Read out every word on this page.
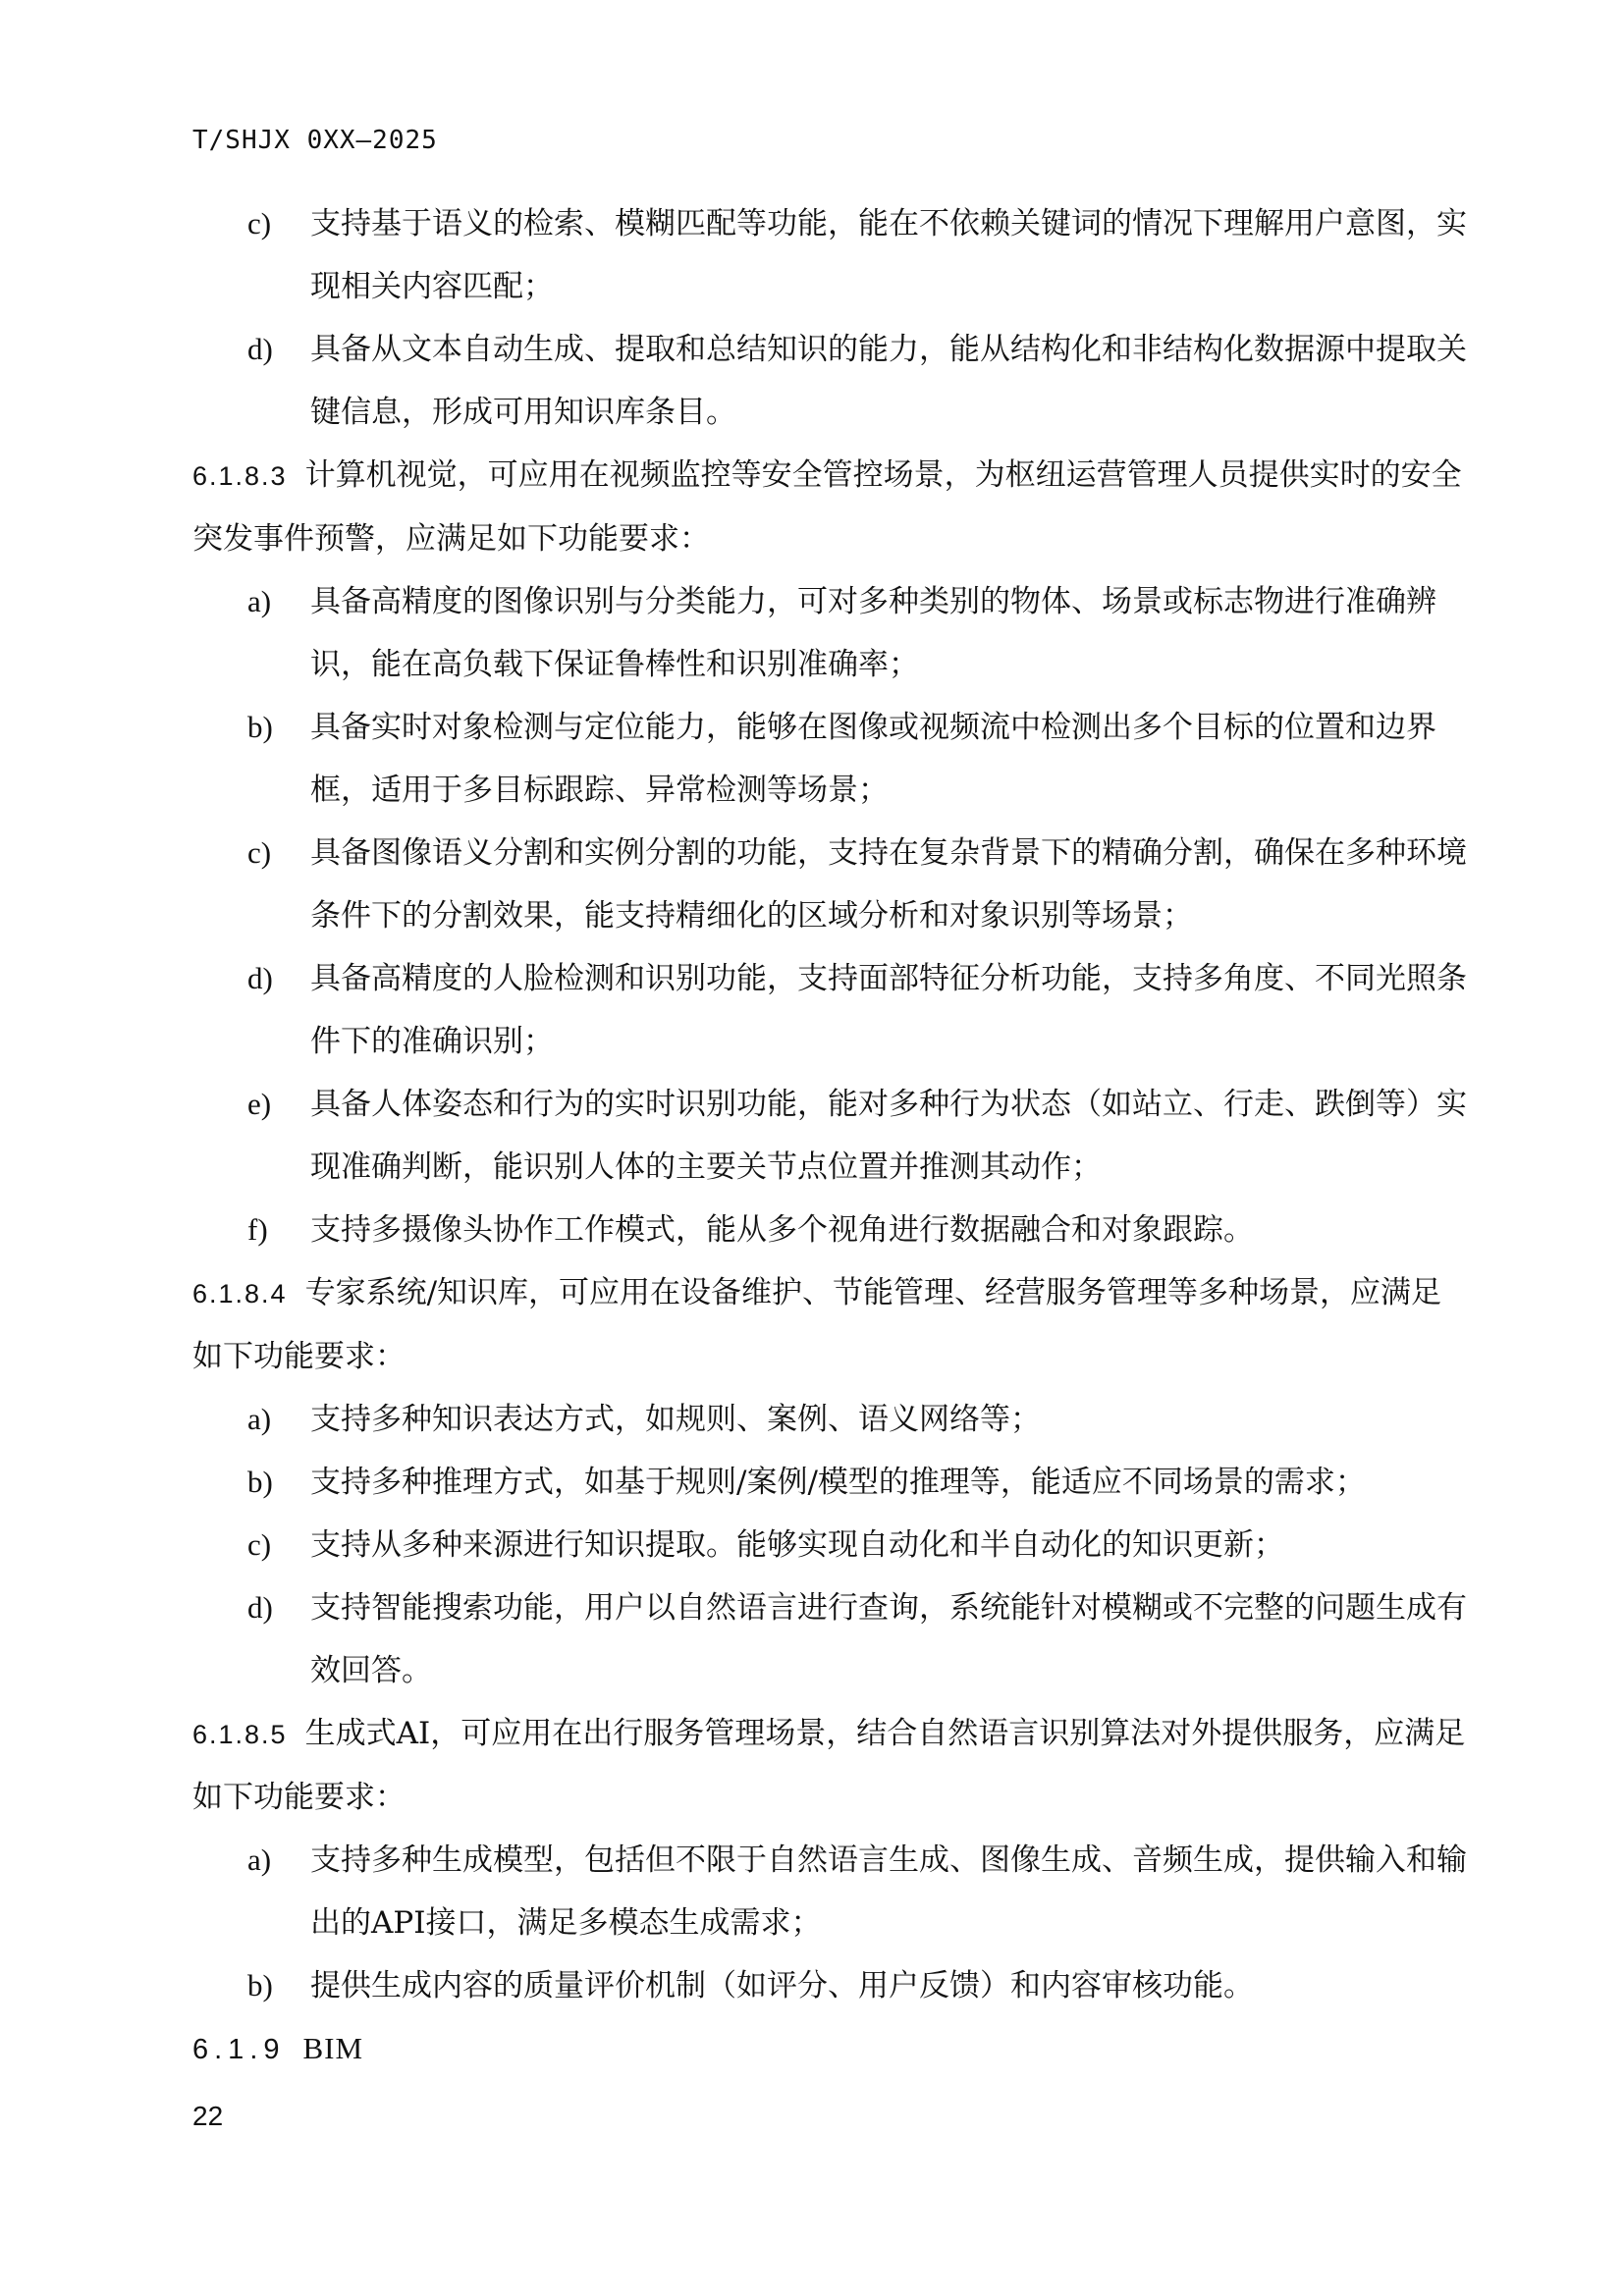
T/SHJX 0XX—2025
c) 支持基于语义的检索、模糊匹配等功能，能在不依赖关键词的情况下理解用户意图，实现相关内容匹配；
d) 具备从文本自动生成、提取和总结知识的能力，能从结构化和非结构化数据源中提取关键信息，形成可用知识库条目。
6.1.8.3 计算机视觉，可应用在视频监控等安全管控场景，为枢纽运营管理人员提供实时的安全突发事件预警，应满足如下功能要求：
a) 具备高精度的图像识别与分类能力，可对多种类别的物体、场景或标志物进行准确辨识，能在高负载下保证鲁棒性和识别准确率；
b) 具备实时对象检测与定位能力，能够在图像或视频流中检测出多个目标的位置和边界框，适用于多目标跟踪、异常检测等场景；
c) 具备图像语义分割和实例分割的功能，支持在复杂背景下的精确分割，确保在多种环境条件下的分割效果，能支持精细化的区域分析和对象识别等场景；
d) 具备高精度的人脸检测和识别功能，支持面部特征分析功能，支持多角度、不同光照条件下的准确识别；
e) 具备人体姿态和行为的实时识别功能，能对多种行为状态（如站立、行走、跌倒等）实现准确判断，能识别人体的主要关节点位置并推测其动作；
f) 支持多摄像头协作工作模式，能从多个视角进行数据融合和对象跟踪。
6.1.8.4 专家系统/知识库，可应用在设备维护、节能管理、经营服务管理等多种场景，应满足如下功能要求：
a) 支持多种知识表达方式，如规则、案例、语义网络等；
b) 支持多种推理方式，如基于规则/案例/模型的推理等，能适应不同场景的需求；
c) 支持从多种来源进行知识提取。能够实现自动化和半自动化的知识更新；
d) 支持智能搜索功能，用户以自然语言进行查询，系统能针对模糊或不完整的问题生成有效回答。
6.1.8.5 生成式AI，可应用在出行服务管理场景，结合自然语言识别算法对外提供服务，应满足如下功能要求：
a) 支持多种生成模型，包括但不限于自然语言生成、图像生成、音频生成，提供输入和输出的API接口，满足多模态生成需求；
b) 提供生成内容的质量评价机制（如评分、用户反馈）和内容审核功能。
6.1.9 BIM
22
